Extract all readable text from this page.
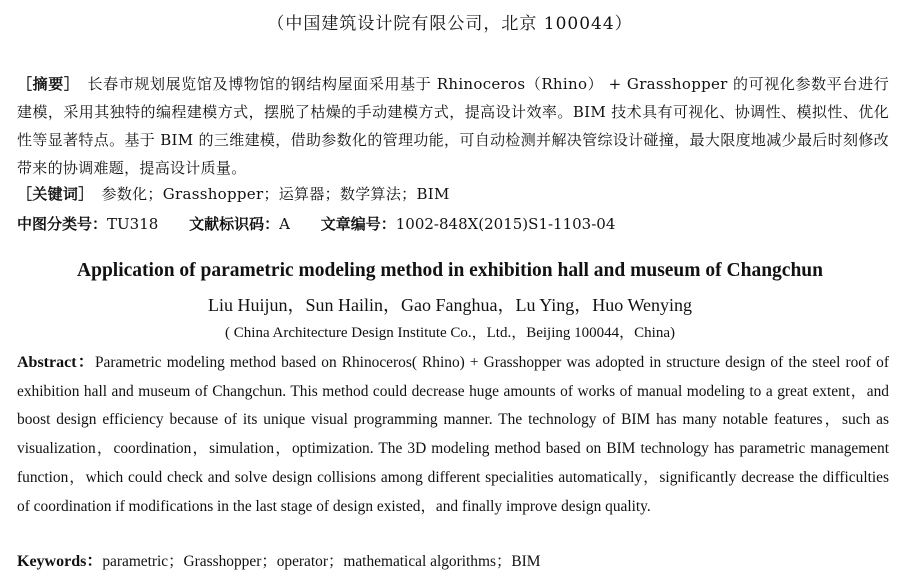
（中国建筑设计院有限公司，北京 100044）
［摘要］ 长春市规划展览馆及博物馆的钢结构屋面采用基于 Rhinoceros（Rhino） + Grasshopper 的可视化参数平台进行建模，采用其独特的编程建模方式，摆脱了枯燥的手动建模方式，提高设计效率。BIM 技术具有可视化、协调性、模拟性、优化性等显著特点。基于 BIM 的三维建模，借助参数化的管理功能，可自动检测并解决管综设计碰撞，最大限度地减少最后时刻修改带来的协调难题，提高设计质量。
［关键词］ 参数化；Grasshopper；运算器；数学算法；BIM
中图分类号：TU318 文献标识码：A 文章编号：1002-848X(2015)S1-1103-04
Application of parametric modeling method in exhibition hall and museum of Changchun
Liu Huijun，Sun Hailin，Gao Fanghua，Lu Ying，Huo Wenying
( China Architecture Design Institute Co.，Ltd.，Beijing 100044，China)
Abstract：Parametric modeling method based on Rhinoceros( Rhino) + Grasshopper was adopted in structure design of the steel roof of exhibition hall and museum of Changchun. This method could decrease huge amounts of works of manual modeling to a great extent，and boost design efficiency because of its unique visual programming manner. The technology of BIM has many notable features，such as visualization，coordination，simulation，optimization. The 3D modeling method based on BIM technology has parametric management function，which could check and solve design collisions among different specialities automatically，significantly decrease the difficulties of coordination if modifications in the last stage of design existed，and finally improve design quality.
Keywords：parametric；Grasshopper；operator；mathematical algorithms；BIM
